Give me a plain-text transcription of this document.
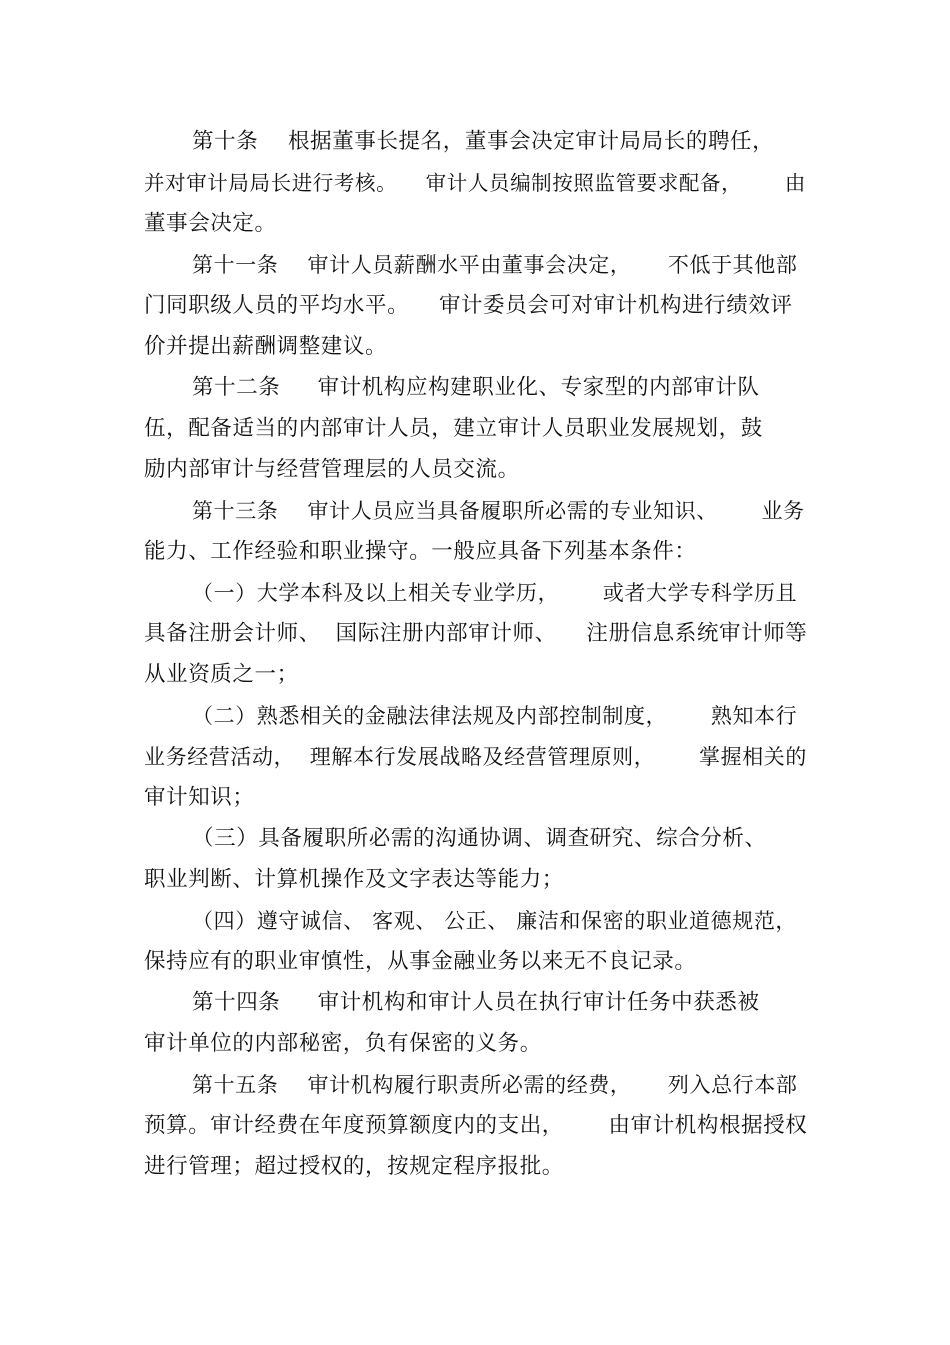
第十条    根据董事长提名，董事会决定审计局局长的聘任，

并对审计局局长进行考核。    审计人员编制按照监管要求配备，      由

董事会决定。

第十一条    审计人员薪酬水平由董事会决定，     不低于其他部

门同职级人员的平均水平。    审计委员会可对审计机构进行绩效评

价并提出薪酬调整建议。

第十二条     审计机构应构建职业化、专家型的内部审计队

伍，配备适当的内部审计人员，建立审计人员职业发展规划，鼓

励内部审计与经营管理层的人员交流。

第十三条    审计人员应当具备履职所必需的专业知识、      业务

能力、工作经验和职业操守。一般应具备下列基本条件：

（一）大学本科及以上相关专业学历，      或者大学专科学历且

具备注册会计师、  国际注册内部审计师、    注册信息系统审计师等

从业资质之一；

（二）熟悉相关的金融法律法规及内部控制制度，      熟知本行

业务经营活动，  理解本行发展战略及经营管理原则，      掌握相关的

审计知识；

（三）具备履职所必需的沟通协调、调查研究、综合分析、

职业判断、计算机操作及文字表达等能力；

（四）遵守诚信、 客观、 公正、 廉洁和保密的职业道德规范，

保持应有的职业审慎性，从事金融业务以来无不良记录。

第十四条     审计机构和审计人员在执行审计任务中获悉被

审计单位的内部秘密，负有保密的义务。

第十五条    审计机构履行职责所必需的经费，     列入总行本部

预算。审计经费在年度预算额度内的支出，      由审计机构根据授权

进行管理；超过授权的，按规定程序报批。
